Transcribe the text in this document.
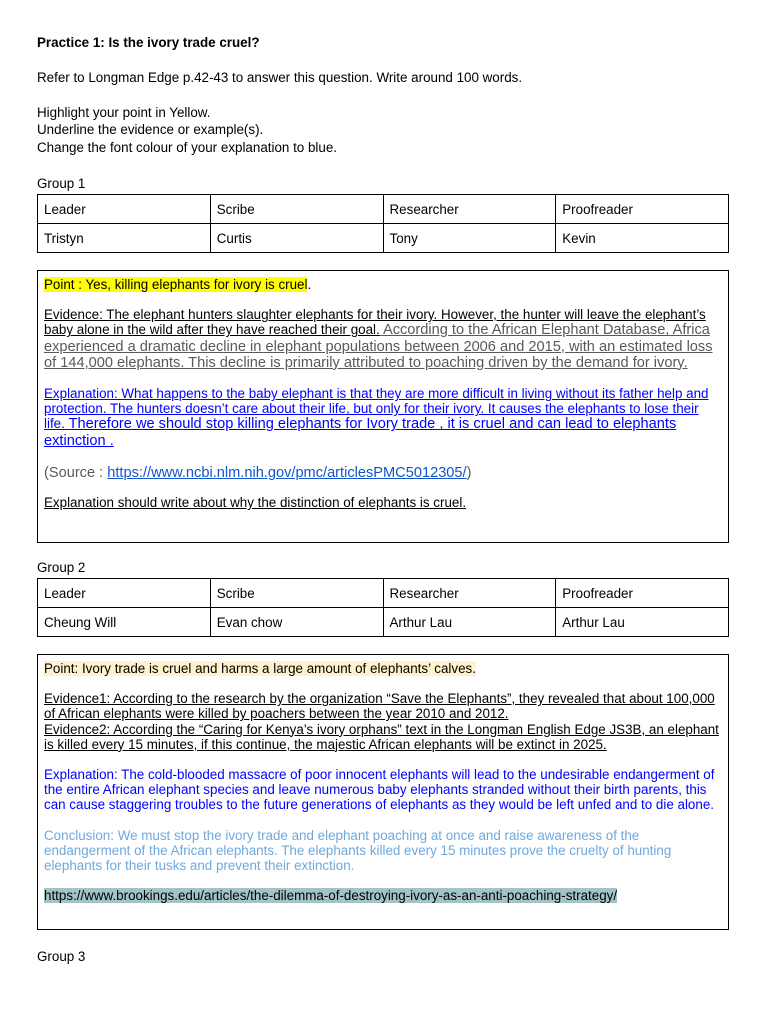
Practice 1: Is the ivory trade cruel?
Refer to Longman Edge p.42-43 to answer this question. Write around 100 words.
Highlight your point in Yellow.
Underline the evidence or example(s).
Change the font colour of your explanation to blue.
Group 1
Leader	Scribe	Researcher	Proofreader
Tristyn	Curtis	Tony	Kevin

Point : Yes, killing elephants for ivory is cruel.

Evidence: The elephant hunters slaughter elephants for their ivory. However, the hunter will leave the elephant’s baby alone in the wild after they have reached their goal. According to the African Elephant Database, Africa experienced a dramatic decline in elephant populations between 2006 and 2015, with an estimated loss of 144,000 elephants. This decline is primarily attributed to poaching driven by the demand for ivory.

Explanation: What happens to the baby elephant is that they are more difficult in living without its father help and protection. The hunters doesn’t care about their life, but only for their ivory. It causes the elephants to lose their life. Therefore we should stop killing elephants for Ivory trade , it is cruel and can lead to elephants extinction .

(Source : https://www.ncbi.nlm.nih.gov/pmc/articlesPMC5012305/)

Explanation should write about why the distinction of elephants is cruel.

Group 2
Leader	Scribe	Researcher	Proofreader
Cheung Will	Evan chow	Arthur Lau	Arthur Lau

Point: Ivory trade is cruel and harms a large amount of elephants’ calves.

Evidence1: According to the research by the organization “Save the Elephants”, they revealed that about 100,000 of African elephants were killed by poachers between the year 2010 and 2012.

Evidence2: According the “Caring for Kenya’s ivory orphans” text in the Longman English Edge JS3B, an elephant is killed every 15 minutes, if this continue, the majestic African elephants will be extinct in 2025.

Explanation: The cold-blooded massacre of poor innocent elephants will lead to the undesirable endangerment of the entire African elephant species and leave numerous baby elephants stranded without their birth parents, this can cause staggering troubles to the future generations of elephants as they would be left unfed and to die alone.

Conclusion: We must stop the ivory trade and elephant poaching at once and raise awareness of the endangerment of the African elephants. The elephants killed every 15 minutes prove the cruelty of hunting elephants for their tusks and prevent their extinction.

https://www.brookings.edu/articles/the-dilemma-of-destroying-ivory-as-an-anti-poaching-strategy/

Group 3
